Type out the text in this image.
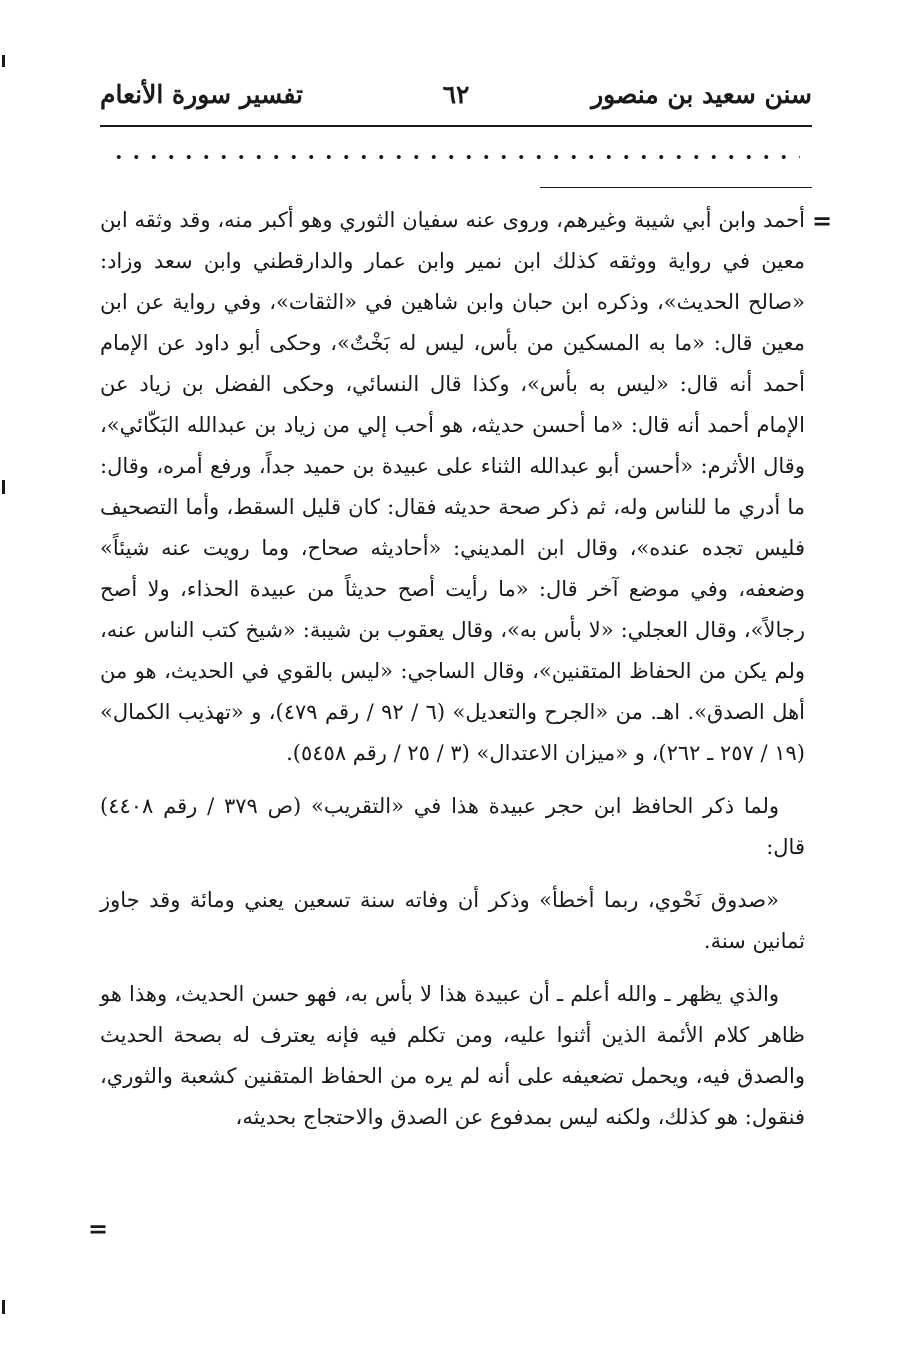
سنن سعيد بن منصور
٦٢
تفسير سورة الأنعام
=

أحمد وابن أبي شيبة وغيرهم، وروى عنه سفيان الثوري وهو أكبر منه، وقد وثقه ابن معين في رواية ووثقه كذلك ابن نمير وابن عمار والدارقطني وابن سعد وزاد: «صالح الحديث»، وذكره ابن حبان وابن شاهين في «الثقات»، وفي رواية عن ابن معين قال: «ما به المسكين من بأس، ليس له بَخْتٌ»، وحكى أبو داود عن الإمام أحمد أنه قال: «ليس به بأس»، وكذا قال النسائي، وحكى الفضل بن زياد عن الإمام أحمد أنه قال: «ما أحسن حديثه، هو أحب إلي من زياد بن عبدالله البَكّائي»، وقال الأثرم: «أحسن أبو عبدالله الثناء على عبيدة بن حميد جداً، ورفع أمره، وقال: ما أدري ما للناس وله، ثم ذكر صحة حديثه فقال: كان قليل السقط، وأما التصحيف فليس تجده عنده»، وقال ابن المديني: «أحاديثه صحاح، وما رويت عنه شيئاً» وضعفه، وفي موضع آخر قال: «ما رأيت أصح حديثاً من عبيدة الحذاء، ولا أصح رجالاً»، وقال العجلي: «لا بأس به»، وقال يعقوب بن شيبة: «شيخ كتب الناس عنه، ولم يكن من الحفاظ المتقنين»، وقال الساجي: «ليس بالقوي في الحديث، هو من أهل الصدق». اهـ. من «الجرح والتعديل» (٦ / ٩٢ / رقم ٤٧٩)، و «تهذيب الكمال» (١٩ / ٢٥٧ ـ ٢٦٢)، و «ميزان الاعتدال» (٣ / ٢٥ / رقم ٥٤٥٨).

ولما ذكر الحافظ ابن حجر عبيدة هذا في «التقريب» (ص ٣٧٩ / رقم ٤٤٠٨) قال:

«صدوق نَحْوي، ربما أخطأ» وذكر أن وفاته سنة تسعين يعني ومائة وقد جاوز ثمانين سنة.

والذي يظهر ـ والله أعلم ـ أن عبيدة هذا لا بأس به، فهو حسن الحديث، وهذا هو ظاهر كلام الأئمة الذين أثنوا عليه، ومن تكلم فيه فإنه يعترف له بصحة الحديث والصدق فيه، ويحمل تضعيفه على أنه لم يره من الحفاظ المتقنين كشعبة والثوري، فنقول: هو كذلك، ولكنه ليس بمدفوع عن الصدق والاحتجاج بحديثه،

=
